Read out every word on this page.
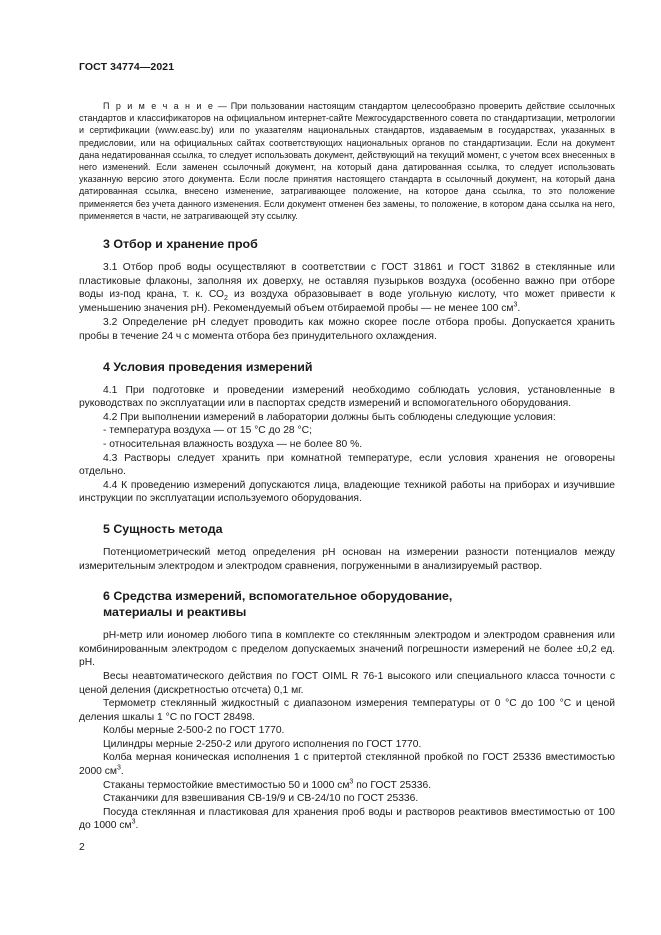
ГОСТ 34774—2021

П р и м е ч а н и е — При пользовании настоящим стандартом целесообразно проверить действие ссылочных стандартов и классификаторов на официальном интернет-сайте Межгосударственного совета по стандартизации, метрологии и сертификации (www.easc.by) или по указателям национальных стандартов, издаваемым в государствах, указанных в предисловии, или на официальных сайтах соответствующих национальных органов по стандартизации. Если на документ дана недатированная ссылка, то следует использовать документ, действующий на текущий момент, с учетом всех внесенных в него изменений. Если заменен ссылочный документ, на который дана датированная ссылка, то следует использовать указанную версию этого документа. Если после принятия настоящего стандарта в ссылочный документ, на который дана датированная ссылка, внесено изменение, затрагивающее положение, на которое дана ссылка, то это положение применяется без учета данного изменения. Если документ отменен без замены, то положение, в котором дана ссылка на него, применяется в части, не затрагивающей эту ссылку.

3 Отбор и хранение проб

3.1 Отбор проб воды осуществляют в соответствии с ГОСТ 31861 и ГОСТ 31862 в стеклянные или пластиковые флаконы, заполняя их доверху, не оставляя пузырьков воздуха (особенно важно при отборе воды из-под крана, т. к. $СО_2$ из воздуха образовывает в воде угольную кислоту, что может привести к уменьшению значения рН). Рекомендуемый объем отбираемой пробы — не менее 100 $см^3$.

3.2 Определение рН следует проводить как можно скорее после отбора пробы. Допускается хранить пробы в течение 24 ч с момента отбора без принудительного охлаждения.

4 Условия проведения измерений

4.1 При подготовке и проведении измерений необходимо соблюдать условия, установленные в руководствах по эксплуатации или в паспортах средств измерений и вспомогательного оборудования.

4.2 При выполнении измерений в лаборатории должны быть соблюдены следующие условия:

- температура воздуха — от 15 °С до 28 °С;

- относительная влажность воздуха — не более 80 %.

4.3 Растворы следует хранить при комнатной температуре, если условия хранения не оговорены отдельно.

4.4 К проведению измерений допускаются лица, владеющие техникой работы на приборах и изучившие инструкции по эксплуатации используемого оборудования.

5 Сущность метода

Потенциометрический метод определения рН основан на измерении разности потенциалов между измерительным электродом и электродом сравнения, погруженными в анализируемый раствор.

6 Средства измерений, вспомогательное оборудование,
материалы и реактивы

рН-метр или иономер любого типа в комплекте со стеклянным электродом и электродом сравнения или комбинированным электродом с пределом допускаемых значений погрешности измерений не более ±0,2 ед. рН.

Весы неавтоматического действия по ГОСТ OIML R 76-1 высокого или специального класса точности с ценой деления (дискретностью отсчета) 0,1 мг.

Термометр стеклянный жидкостный с диапазоном измерения температуры от 0 °С до 100 °С и ценой деления шкалы 1 °С по ГОСТ 28498.

Колбы мерные 2-500-2 по ГОСТ 1770.

Цилиндры мерные 2-250-2 или другого исполнения по ГОСТ 1770.

Колба мерная коническая исполнения 1 с притертой стеклянной пробкой по ГОСТ 25336 вместимостью 2000 $см^3$.

Стаканы термостойкие вместимостью 50 и 1000 $см^3$ по ГОСТ 25336.

Стаканчики для взвешивания СВ-19/9 и СВ-24/10 по ГОСТ 25336.

Посуда стеклянная и пластиковая для хранения проб воды и растворов реактивов вместимостью от 100 до 1000 $см^3$.

2
